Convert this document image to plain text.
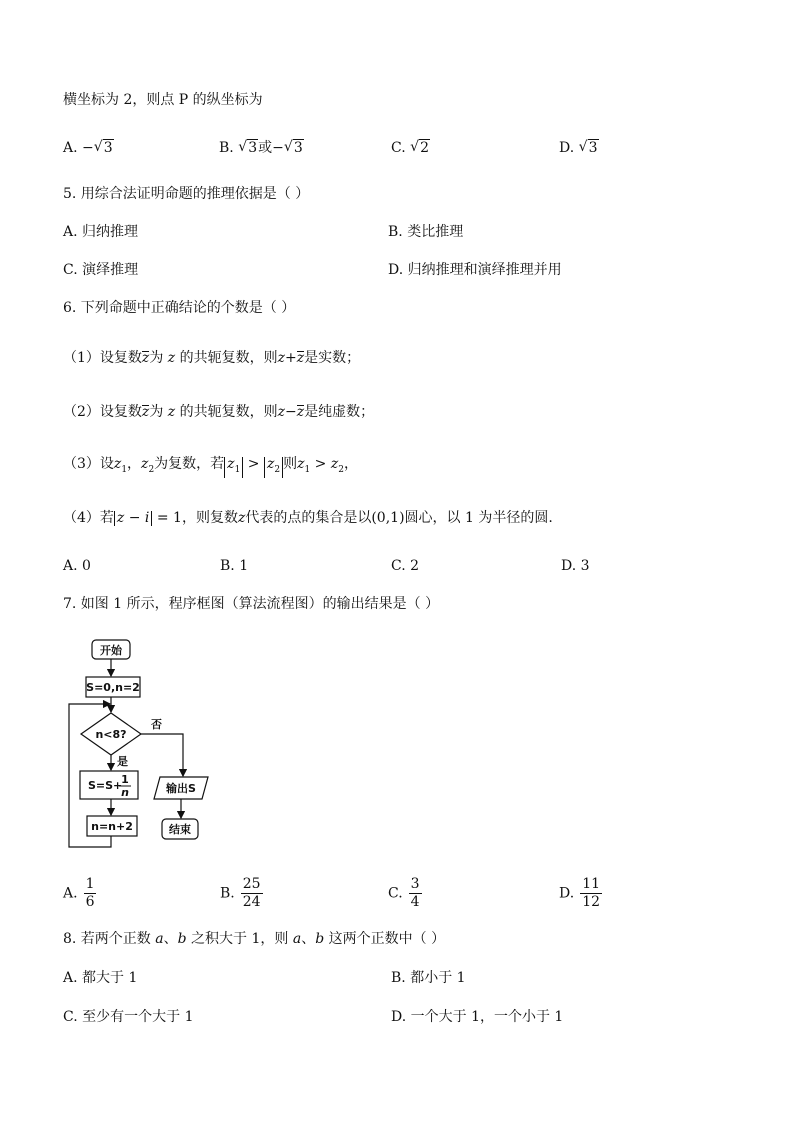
横坐标为 2，则点 P 的纵坐标为
A. − √ 3	B. √ 3或− √ 3	C. √ 2	D. √ 3
5. 用综合法证明命题的推理依据是（ ）
A. 归纳推理	B. 类比推理
C. 演绎推理	D. 归纳推理和演绎推理并用
6. 下列命题中正确结论的个数是（ ）
（1）设复数z为 z 的共轭复数，则z+z是实数；
（2）设复数z为 z 的共轭复数，则z−z是纯虚数；
（3）设$z_1$，$z_2$为复数，若 $z_1 > z_2$ 则$z_1 > z_2$，
（4）若 z − i = 1，则复数z代表的点的集合是以(0,1)圆心，以 1 为半径的圆.
A. 0	B. 1	C. 2	D. 3
7. 如图 1 所示，程序框图（算法流程图）的输出结果是（ ）
开始
S=0,n=2
n<8?
否
是
S=S+
1
n	输出S
n=n+2	结束
A. $\frac{1}{6}$	B. $\frac{25}{24}$	C. $\frac{3}{4}$	D. $\frac{11}{12}$
8. 若两个正数 a、b 之积大于 1，则 a、b 这两个正数中（ ）
A. 都大于 1	B. 都小于 1
C. 至少有一个大于 1	D. 一个大于 1，一个小于 1
